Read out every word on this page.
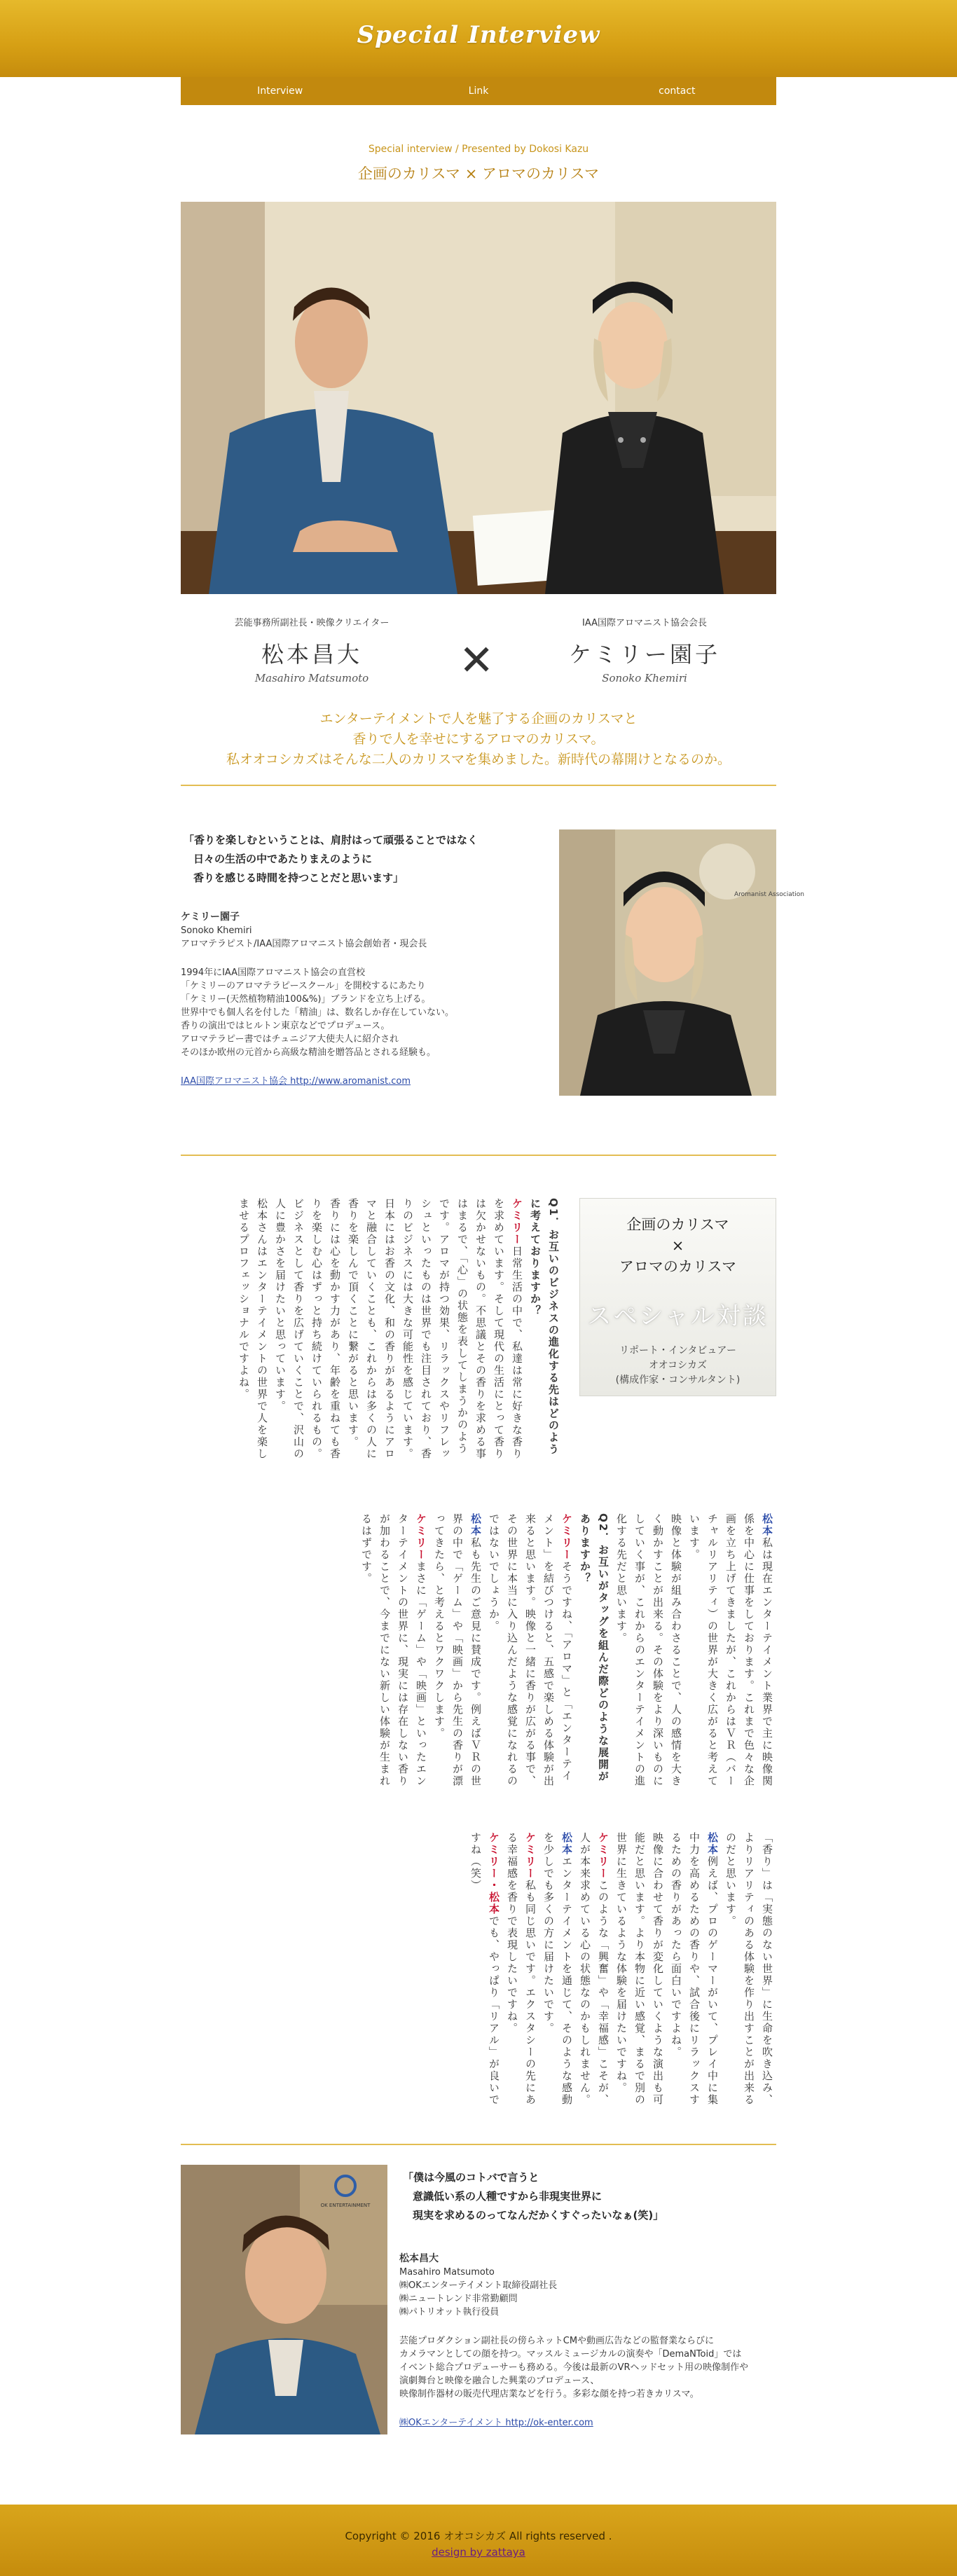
Special Interview
Interview	Link	contact
Special interview / Presented by Dokosi Kazu
企画のカリスマ × アロマのカリスマ
芸能事務所副社長・映像クリエイター
松本昌大
Masahiro Matsumoto	✕
IAA国際アロマニスト協会会長
ケミリー園子
Sonoko Khemiri
エンターテイメントで人を魅了する企画のカリスマと
香りで人を幸せにするアロマのカリスマ。
私オオコシカズはそんな二人のカリスマを集めました。新時代の幕開けとなるのか。
「香りを楽しむということは、肩肘はって頑張ることではなく
日々の生活の中であたりまえのように
香りを感じる時間を持つことだと思います」
ケミリー園子
Sonoko Khemiri
アロマテラピスト/IAA国際アロマニスト協会創始者・現会長
1994年にIAA国際アロマニスト協会の直営校
「ケミリーのアロマテラピースクール」を開校するにあたり
「ケミリー(天然植物精油100&%)」ブランドを立ち上げる。
世界中でも個人名を付した「精油」は、数名しか存在していない。
香りの演出ではヒルトン東京などでプロデュース。
アロマテラピー書ではチュニジア大使夫人に紹介され
そのほか欧州の元首から高級な精油を贈答品とされる経験も。
IAA国際アロマニスト協会 http://www.aromanist.com
Aromanist Association
Q1．お互いのビジネスの進化する先はどのように考えておりますか？
ケミリー日常生活の中で、私達は常に好きな香りを求めています。そして現代の生活にとって香りは欠かせないもの。不思議とその香りを求める事はまるで、「心」の状態を表してしまうかのようです。アロマが持つ効果、リラックスやリフレッシュといったものは世界でも注目されており、香りのビジネスには大きな可能性を感じています。
日本にはお香の文化、和の香りがあるようにアロマと融合していくことも、これからは多くの人に香りを楽しんで頂くことに繋がると思います。
香りには心を動かす力があり、年齢を重ねても香りを楽しむ心はずっと持ち続けていられるもの。ビジネスとして香りを広げていくことで、沢山の人に豊かさを届けたいと思っています。
松本さんはエンターテイメントの世界で人を楽しませるプロフェッショナルですよね。	企画のカリスマ
×
アロマのカリスマ
スペシャル対談
リポート・インタビュアー
オオコシカズ
(構成作家・コンサルタント)
松本私は現在エンターテイメント業界で主に映像関係を中心に仕事をしております。これまで色々な企画を立ち上げてきましたが、これからはＶＲ（バーチャルリアリティ）の世界が大きく広がると考えています。
映像と体験が組み合わさることで、人の感情を大きく動かすことが出来る。その体験をより深いものにしていく事が、これからのエンターテイメントの進化する先だと思います。
Q2．お互いがタッグを組んだ際どのような展開がありますか？
ケミリーそうですね、「アロマ」と「エンターテイメント」を結びつけると、五感で楽しめる体験が出来ると思います。映像と一緒に香りが広がる事で、その世界に本当に入り込んだような感覚になれるのではないでしょうか。
松本私も先生のご意見に賛成です。例えばＶＲの世界の中で「ゲーム」や「映画」から先生の香りが漂ってきたら、と考えるとワクワクします。
ケミリーまさに「ゲーム」や「映画」といったエンターテイメントの世界に、現実には存在しない香りが加わることで、今までにない新しい体験が生まれるはずです。
「香り」は「実態のない世界」に生命を吹き込み、よりリアリティのある体験を作り出すことが出来るのだと思います。
松本例えば、プロのゲーマーがいて、プレイ中に集中力を高めるための香りや、試合後にリラックスするための香りがあったら面白いですよね。
映像に合わせて香りが変化していくような演出も可能だと思います。より本物に近い感覚、まるで別の世界に生きているような体験を届けたいですね。
ケミリーこのような「興奮」や「幸福感」こそが、人が本来求めている心の状態なのかもしれません。
松本エンターテイメントを通じて、そのような感動を少しでも多くの方に届けたいです。
ケミリー私も同じ思いです。エクスタシーの先にある幸福感を香りで表現したいですね。
ケミリー・松本でも、やっぱり「リアル」が良いですね（笑）
OK ENTERTAINMENT
「僕は今風のコトバで言うと
意識低い系の人種ですから非現実世界に
現実を求めるのってなんだかくすぐったいなぁ(笑)」
松本昌大
Masahiro Matsumoto
㈱OKエンターテイメント取締役副社長
㈱ニュートレンド非常勤顧問
㈱パトリオット執行役員
芸能プロダクション副社長の傍らネットCMや動画広告などの監督業ならびに
カメラマンとしての顔を持つ。マッスルミュージカルの演奏や「DemaNToid」では
イベント総合プロデューサーも務める。今後は最新のVRヘッドセット用の映像制作や
演劇舞台と映像を融合した興業のプロデュース、
映像制作器材の販売代理店業などを行う。多彩な顔を持つ若きカリスマ。
㈱OKエンターテイメント http://ok-enter.com
Copyright © 2016 オオコシカズ All rights reserved .
design by zattaya
